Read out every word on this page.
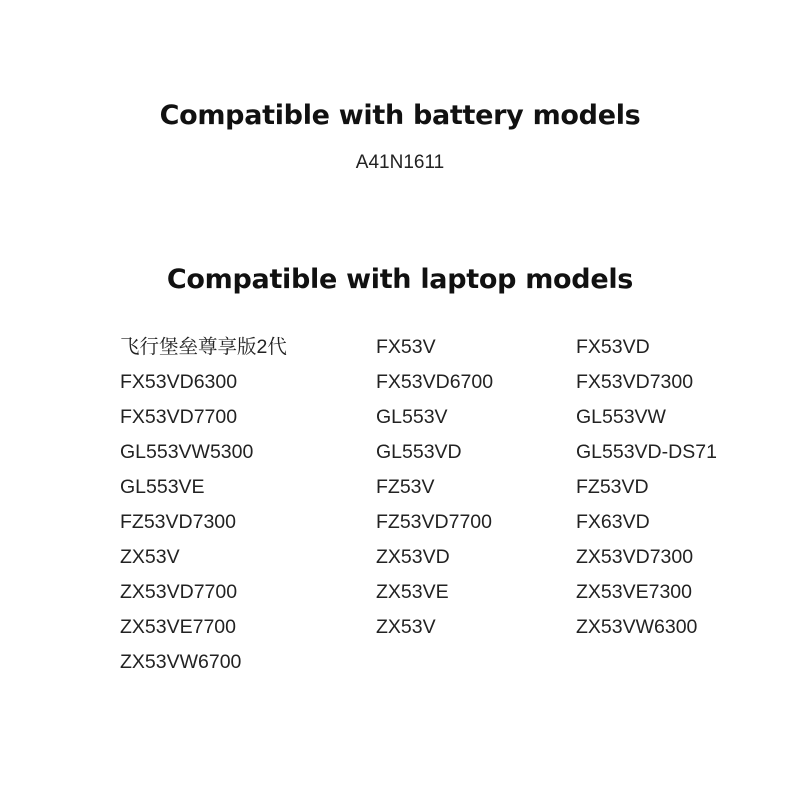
Compatible with battery models
A41N1611
Compatible with laptop models
飞行堡垒尊享版2代
FX53VD6300
FX53VD7700
GL553VW5300
GL553VE
FZ53VD7300
ZX53V
ZX53VD7700
ZX53VE7700
ZX53VW6700
FX53V
FX53VD6700
GL553V
GL553VD
FZ53V
FZ53VD7700
ZX53VD
ZX53VE
ZX53V
FX53VD
FX53VD7300
GL553VW
GL553VD-DS71
FZ53VD
FX63VD
ZX53VD7300
ZX53VE7300
ZX53VW6300
